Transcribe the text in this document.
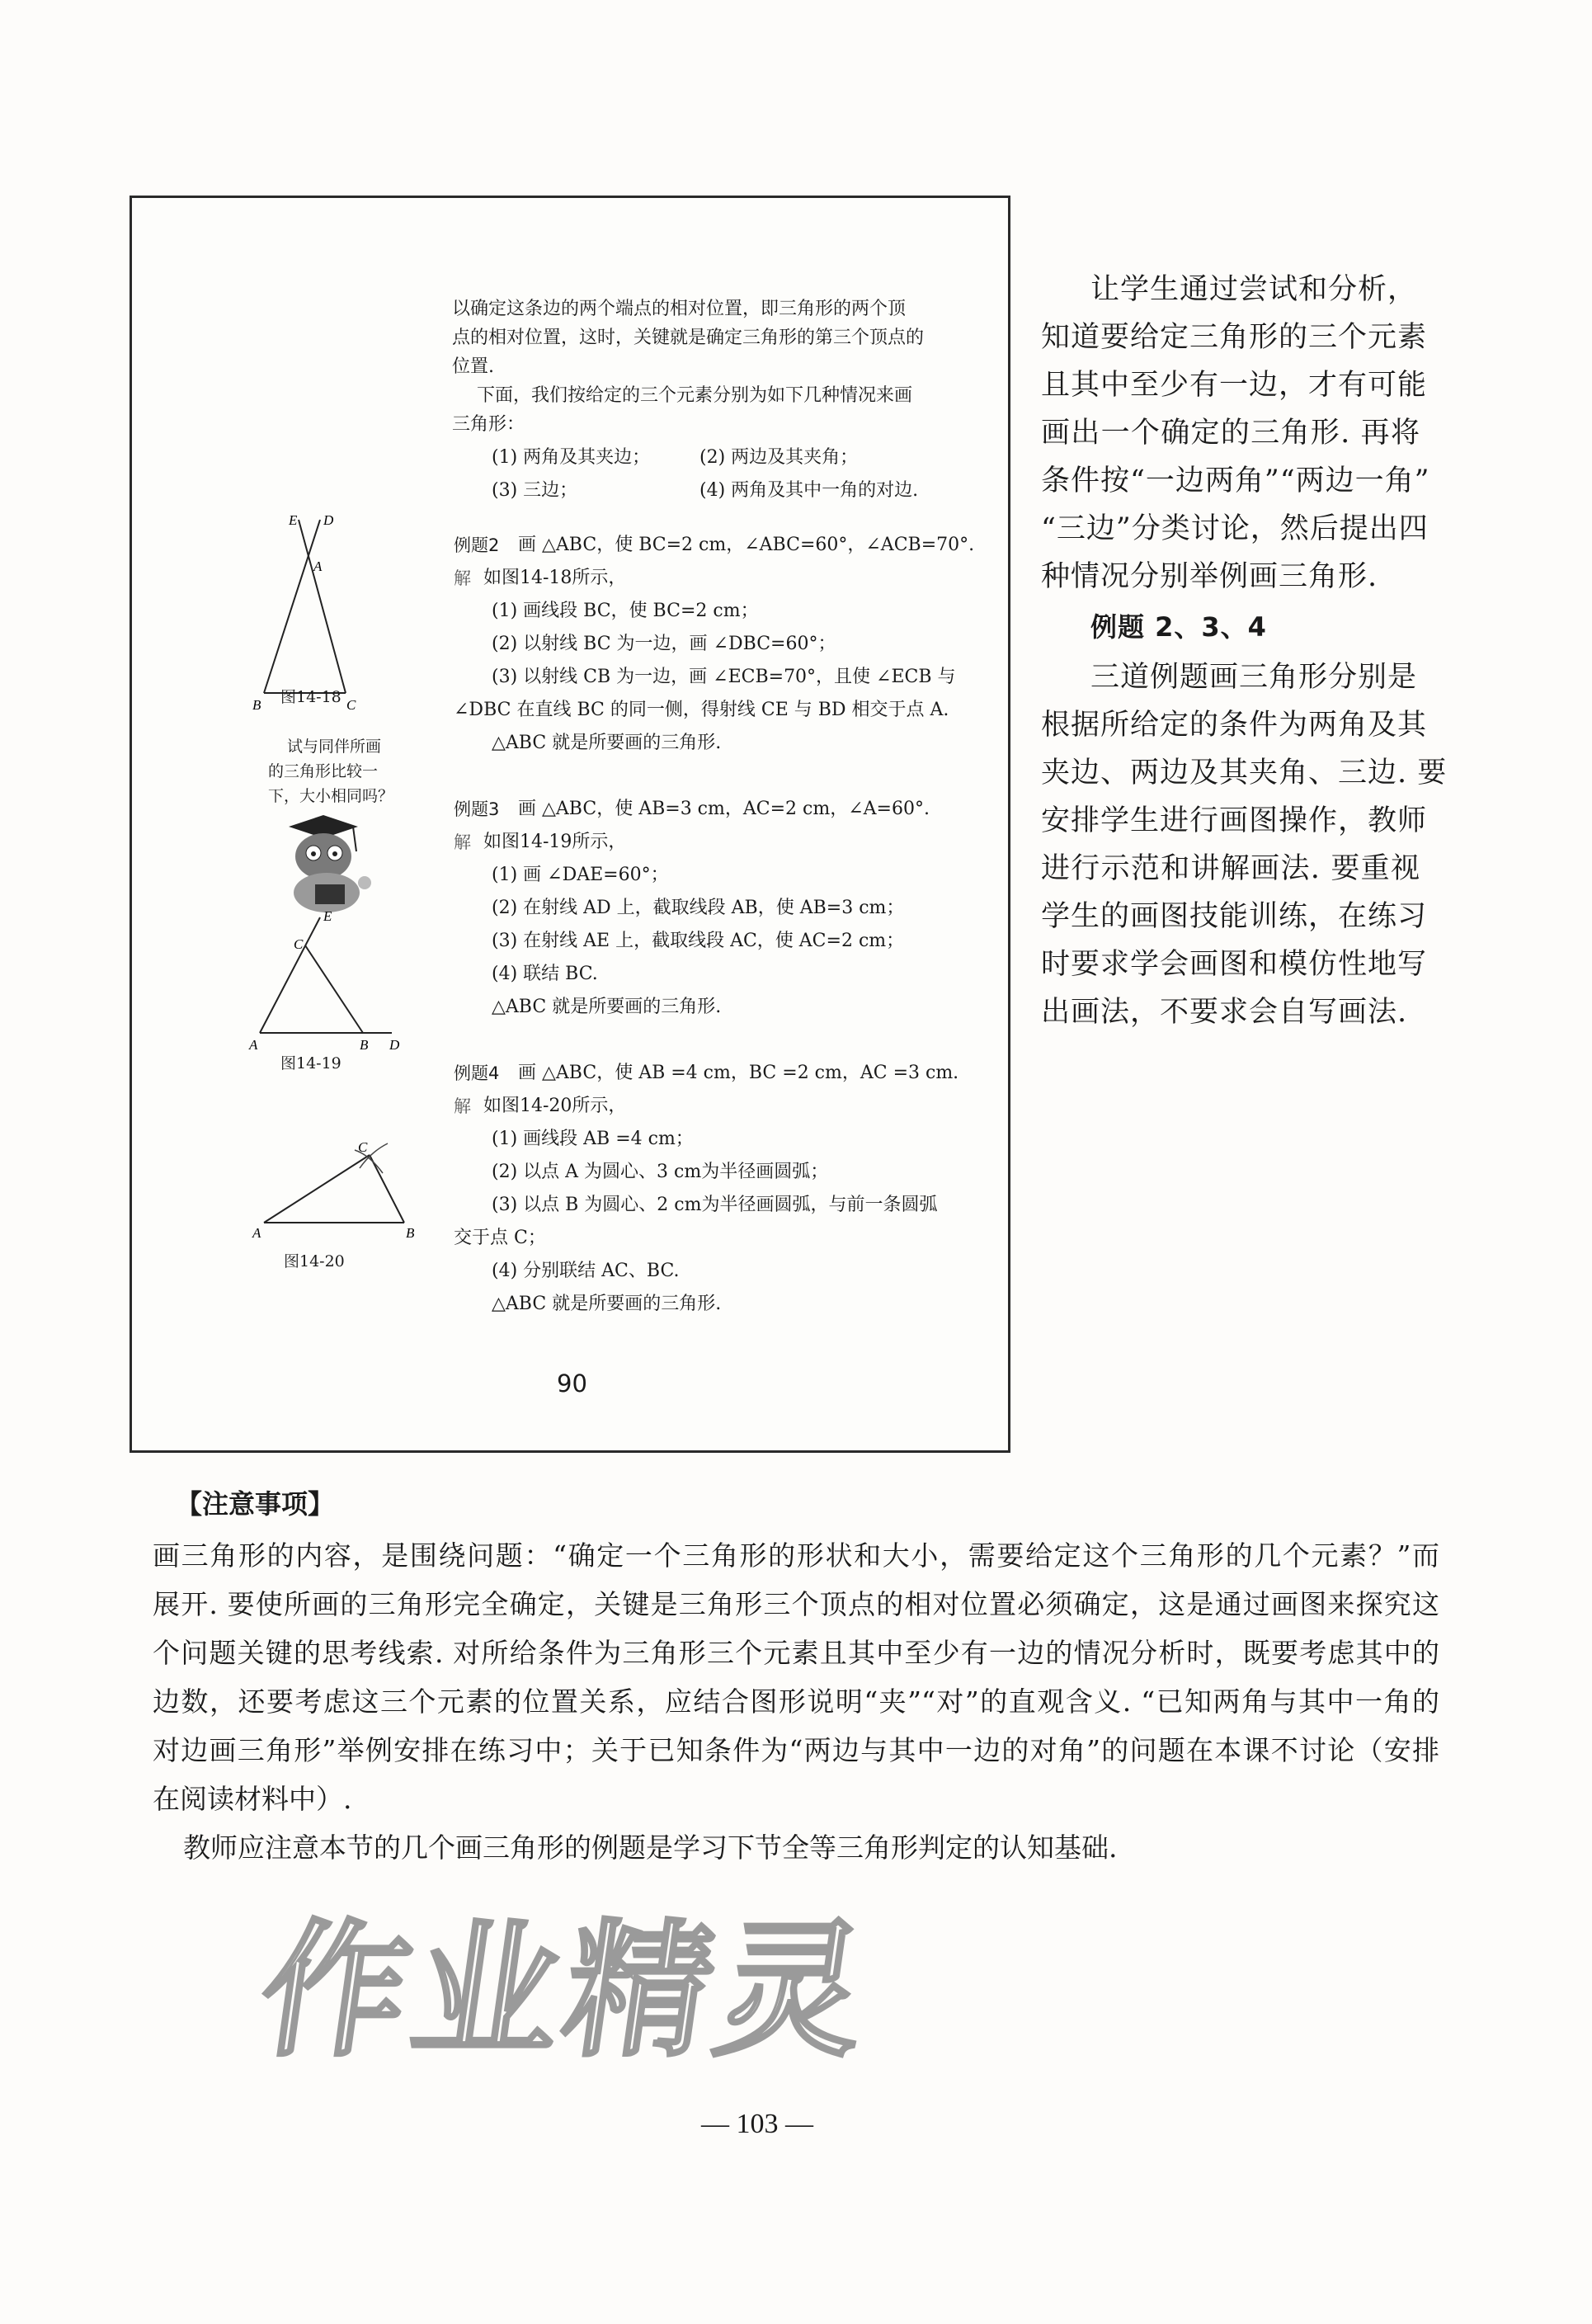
以确定这条边的两个端点的相对位置，即三角形的两个顶
点的相对位置，这时，关键就是确定三角形的第三个顶点的
位置.
下面，我们按给定的三个元素分别为如下几种情况来画
三角形：
(1) 两角及其夹边；	(2) 两边及其夹角；
(3) 三边；	(4) 两角及其中一角的对边.
例题2 画 △ABC，使 BC=2 cm，∠ABC=60°，∠ACB=70°.
解 如图14-18所示，
(1) 画线段 BC，使 BC=2 cm；
(2) 以射线 BC 为一边，画 ∠DBC=60°；
(3) 以射线 CB 为一边，画 ∠ECB=70°，且使 ∠ECB 与
∠DBC 在直线 BC 的同一侧，得射线 CE 与 BD 相交于点 A.
△ABC 就是所要画的三角形.
例题3 画 △ABC，使 AB=3 cm，AC=2 cm，∠A=60°.
解 如图14-19所示，
(1) 画 ∠DAE=60°；
(2) 在射线 AD 上，截取线段 AB，使 AB=3 cm；
(3) 在射线 AE 上，截取线段 AC，使 AC=2 cm；
(4) 联结 BC.
△ABC 就是所要画的三角形.
例题4 画 △ABC，使 AB =4 cm，BC =2 cm，AC =3 cm.
解 如图14-20所示，
(1) 画线段 AB =4 cm；
(2) 以点 A 为圆心、3 cm为半径画圆弧；
(3) 以点 B 为圆心、2 cm为半径画圆弧，与前一条圆弧
交于点 C；
(4) 分别联结 AC、BC.
△ABC 就是所要画的三角形.
90
E D
A
B	C
图14-18
试与同伴所画
的三角形比较一
下，大小相同吗？
E
C
A	B D
图14-19
C
A	B
图14-20
让学生通过尝试和分析，
知道要给定三角形的三个元素
且其中至少有一边，才有可能
画出一个确定的三角形. 再将
条件按“一边两角”“两边一角”
“三边”分类讨论，然后提出四
种情况分别举例画三角形.
例题 2、3、4
三道例题画三角形分别是
根据所给定的条件为两角及其
夹边、两边及其夹角、三边. 要
安排学生进行画图操作，教师
进行示范和讲解画法. 要重视
学生的画图技能训练，在练习
时要求学会画图和模仿性地写
出画法，不要求会自写画法.
【注意事项】
画三角形的内容，是围绕问题：“确定一个三角形的形状和大小，需要给定这个三角形的几个元素？”而
展开. 要使所画的三角形完全确定，关键是三角形三个顶点的相对位置必须确定，这是通过画图来探究这
个问题关键的思考线索. 对所给条件为三角形三个元素且其中至少有一边的情况分析时，既要考虑其中的
边数，还要考虑这三个元素的位置关系，应结合图形说明“夹”“对”的直观含义. “已知两角与其中一角的
对边画三角形”举例安排在练习中；关于已知条件为“两边与其中一边的对角”的问题在本课不讨论（安排
在阅读材料中）.
教师应注意本节的几个画三角形的例题是学习下节全等三角形判定的认知基础.
作业精灵
— 103 —
